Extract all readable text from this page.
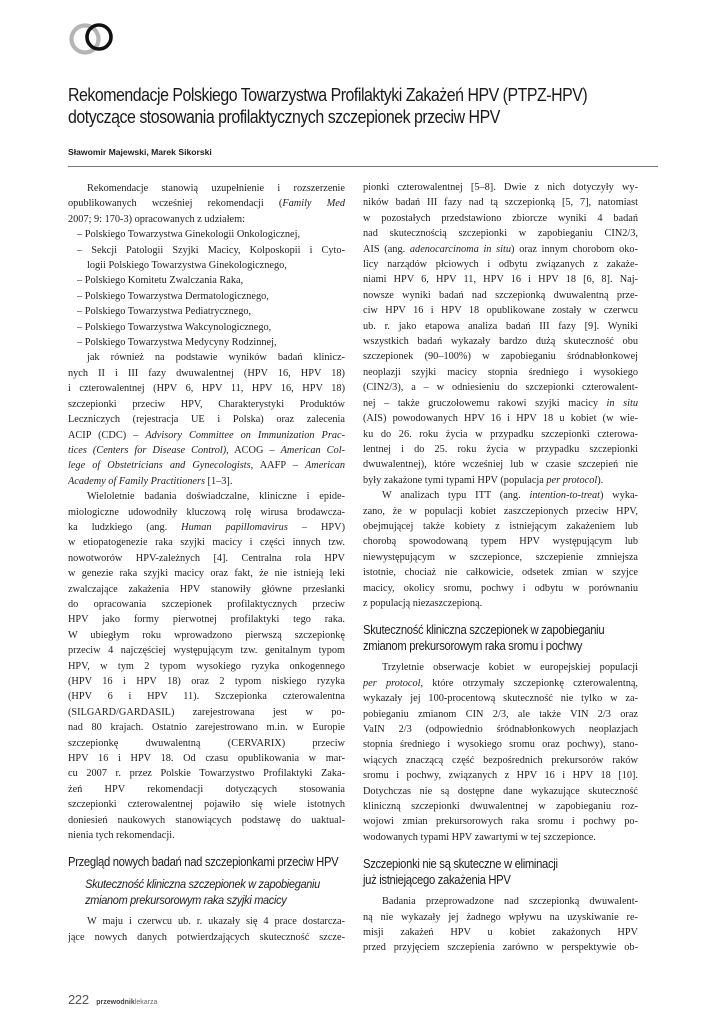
Rekomendacje Polskiego Towarzystwa Profilaktyki Zakażeń HPV (PTPZ-HPV)
dotyczące stosowania profilaktycznych szczepionek przeciw HPV
Sławomir Majewski, Marek Sikorski
Rekomendacje stanowią uzupełnienie i rozszerzenie
opublikowanych wcześniej rekomendacji (Family Med
2007; 9: 170-3) opracowanych z udziałem:
– Polskiego Towarzystwa Ginekologii Onkologicznej,
– Sekcji Patologii Szyjki Macicy, Kolposkopii i Cyto-
logii Polskiego Towarzystwa Ginekologicznego,
– Polskiego Komitetu Zwalczania Raka,
– Polskiego Towarzystwa Dermatologicznego,
– Polskiego Towarzystwa Pediatrycznego,
– Polskiego Towarzystwa Wakcynologicznego,
– Polskiego Towarzystwa Medycyny Rodzinnej,
jak również na podstawie wyników badań klinicz-
nych II i III fazy dwuwalentnej (HPV 16, HPV 18)
i czterowalentnej (HPV 6, HPV 11, HPV 16, HPV 18)
szczepionki przeciw HPV, Charakterystyki Produktów
Leczniczych (rejestracja UE i Polska) oraz zalecenia
ACIP (CDC) – Advisory Committee on Immunization Prac-
tices (Centers for Disease Control), ACOG – American Col-
lege of Obstetricians and Gynecologists, AAFP – American
Academy of Family Practitioners [1–3].
Wieloletnie badania doświadczalne, kliniczne i epide-
miologiczne udowodniły kluczową rolę wirusa brodawcza-
ka ludzkiego (ang. Human papillomavirus – HPV)
w etiopatogenezie raka szyjki macicy i części innych tzw.
nowotworów HPV-zależnych [4]. Centralna rola HPV
w genezie raka szyjki macicy oraz fakt, że nie istnieją leki
zwalczające zakażenia HPV stanowiły główne przesłanki
do opracowania szczepionek profilaktycznych przeciw
HPV jako formy pierwotnej profilaktyki tego raka.
W ubiegłym roku wprowadzono pierwszą szczepionkę
przeciw 4 najczęściej występującym tzw. genitalnym typom
HPV, w tym 2 typom wysokiego ryzyka onkogennego
(HPV 16 i HPV 18) oraz 2 typom niskiego ryzyka
(HPV 6 i HPV 11). Szczepionka czterowalentna
(SILGARD/GARDASIL) zarejestrowana jest w po-
nad 80 krajach. Ostatnio zarejestrowano m.in. w Europie
szczepionkę dwuwalentną (CERVARIX) przeciw
HPV 16 i HPV 18. Od czasu opublikowania w mar-
cu 2007 r. przez Polskie Towarzystwo Profilaktyki Zaka-
żeń HPV rekomendacji dotyczących stosowania
szczepionki czterowalentnej pojawiło się wiele istotnych
doniesień naukowych stanowiących podstawę do uaktual-
nienia tych rekomendacji.
Przegląd nowych badań nad szczepionkami przeciw HPV
Skuteczność kliniczna szczepionek w zapobieganiu
zmianom prekursorowym raka szyjki macicy
W maju i czerwcu ub. r. ukazały się 4 prace dostarcza-
jące nowych danych potwierdzających skuteczność szcze-
pionki czterowalentnej [5–8]. Dwie z nich dotyczyły wy-
ników badań III fazy nad tą szczepionką [5, 7], natomiast
w pozostałych przedstawiono zbiorcze wyniki 4 badań
nad skutecznością szczepionki w zapobieganiu CIN2/3,
AIS (ang. adenocarcinoma in situ) oraz innym chorobom oko-
licy narządów płciowych i odbytu związanych z zakaże-
niami HPV 6, HPV 11, HPV 16 i HPV 18 [6, 8]. Naj-
nowsze wyniki badań nad szczepionką dwuwalentną prze-
ciw HPV 16 i HPV 18 opublikowane zostały w czerwcu
ub. r. jako etapowa analiza badań III fazy [9]. Wyniki
wszystkich badań wykazały bardzo dużą skuteczność obu
szczepionek (90–100%) w zapobieganiu śródnabłonkowej
neoplazji szyjki macicy stopnia średniego i wysokiego
(CIN2/3), a – w odniesieniu do szczepionki czterowalent-
nej – także gruczołowemu rakowi szyjki macicy in situ
(AIS) powodowanych HPV 16 i HPV 18 u kobiet (w wie-
ku do 26. roku życia w przypadku szczepionki czterowa-
lentnej i do 25. roku życia w przypadku szczepionki
dwuwalentnej), które wcześniej lub w czasie szczepień nie
były zakażone tymi typami HPV (populacja per protocol).
W analizach typu ITT (ang. intention-to-treat) wyka-
zano, że w populacji kobiet zaszczepionych przeciw HPV,
obejmującej także kobiety z istniejącym zakażeniem lub
chorobą spowodowaną typem HPV występującym lub
niewystępującym w szczepionce, szczepienie zmniejsza
istotnie, chociaż nie całkowicie, odsetek zmian w szyjce
macicy, okolicy sromu, pochwy i odbytu w porównaniu
z populacją niezaszczepioną.
Skuteczność kliniczna szczepionek w zapobieganiu
zmianom prekursorowym raka sromu i pochwy
Trzyletnie obserwacje kobiet w europejskiej populacji
per protocol, które otrzymały szczepionkę czterowalentną,
wykazały jej 100-procentową skuteczność nie tylko w za-
pobieganiu zmianom CIN 2/3, ale także VIN 2/3 oraz
VaIN 2/3 (odpowiednio śródnabłonkowych neoplazjach
stopnia średniego i wysokiego sromu oraz pochwy), stano-
wiących znaczącą część bezpośrednich prekursorów raków
sromu i pochwy, związanych z HPV 16 i HPV 18 [10].
Dotychczas nie są dostępne dane wykazujące skuteczność
kliniczną szczepionki dwuwalentnej w zapobieganiu roz-
wojowi zmian prekursorowych raka sromu i pochwy po-
wodowanych typami HPV zawartymi w tej szczepionce.
Szczepionki nie są skuteczne w eliminacji
już istniejącego zakażenia HPV
Badania przeprowadzone nad szczepionką dwuwalent-
ną nie wykazały jej żadnego wpływu na uzyskiwanie re-
misji zakażeń HPV u kobiet zakażonych HPV
przed przyjęciem szczepienia zarówno w perspektywie ob-
222 przewodniklekarza
